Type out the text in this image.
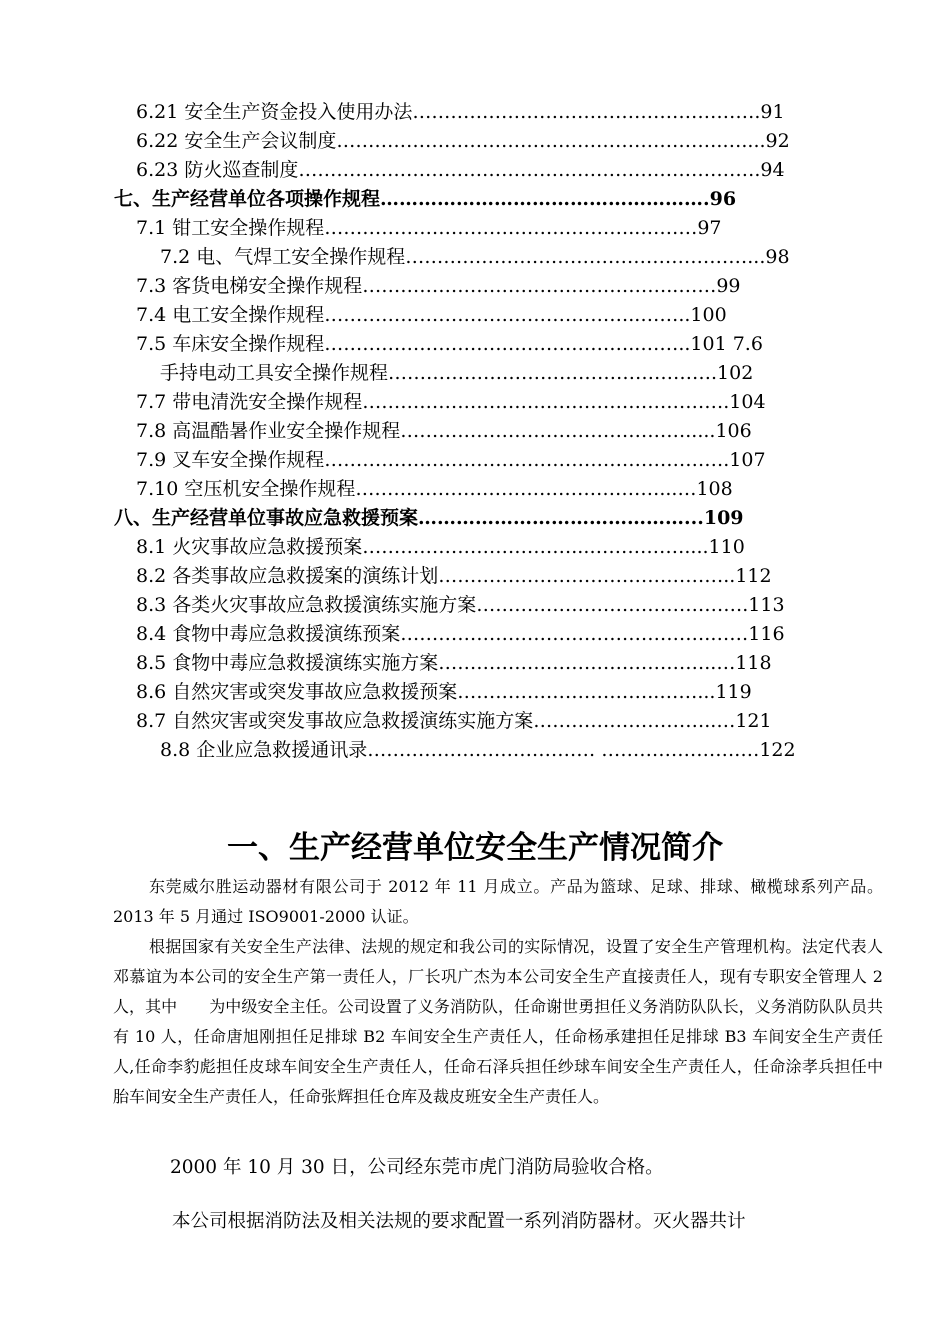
6.21 安全生产资金投入使用办法……………………………………………….91
6.22 安全生产会议制度…………………………………………………….…....92
6.23 防火巡查制度……………………………………………………………….94
七、生产经营单位各项操作规程…………………………………………….96
7.1 钳工安全操作规程…………………………………………..………97
7.2 电、气焊工安全操作规程………………………………………………...98
7.3 客货电梯安全操作规程…………………………………………..……99
7.4 电工安全操作规程…………………………………………..……..100
7.5 车床安全操作规程…………………………………………..……..101 7.6
手持电动工具安全操作规程…………………………………………….102
7.7 带电清洗安全操作规程………………………………………………….104
7.8 高温酷暑作业安全操作规程……………………………………….....106
7.9 叉车安全操作规程……………………………………………………….107
7.10 空压机安全操作规程…………………………………………...…108
八、生产经营单位事故应急救援预案……………………………………...109
8.1 火灾事故应急救援预案……………………………...……………....110
8.2 各类事故应急救援案的演练计划………………………………………..112
8.3 各类火灾事故应急救援演练实施方案…………………………………….113
8.4 食物中毒应急救援演练预案………………………………………….……116
8.5 食物中毒应急救援演练实施方案……………………………………..…118
8.6 自然灾害或突发事故应急救援预案…………………………..……...119
8.7 自然灾害或突发事故应急救援演练实施方案………………………..…121
8.8 企业应急救援通讯录……………………………… ………………….…122
一、生产经营单位安全生产情况简介

东莞威尔胜运动器材有限公司于 2012 年 11 月成立。产品为篮球、足球、排球、橄榄球系列产品。2013 年 5 月通过 ISO9001-2000 认证。

根据国家有关安全生产法律、法规的规定和我公司的实际情况，设置了安全生产管理机构。法定代表人邓慕谊为本公司的安全生产第一责任人，厂长巩广杰为本公司安全生产直接责任人，现有专职安全管理人 2 人，其中　　为中级安全主任。公司设置了义务消防队，任命谢世勇担任义务消防队队长，义务消防队队员共有 10 人，任命唐旭刚担任足排球 B2 车间安全生产责任人，任命杨承建担任足排球 B3 车间安全生产责任人,任命李豹彪担任皮球车间安全生产责任人，任命石泽兵担任纱球车间安全生产责任人，任命涂孝兵担任中胎车间安全生产责任人，任命张辉担任仓库及裁皮班安全生产责任人。

2000 年 10 月 30 日，公司经东莞市虎门消防局验收合格。
本公司根据消防法及相关法规的要求配置一系列消防器材。灭火器共计
